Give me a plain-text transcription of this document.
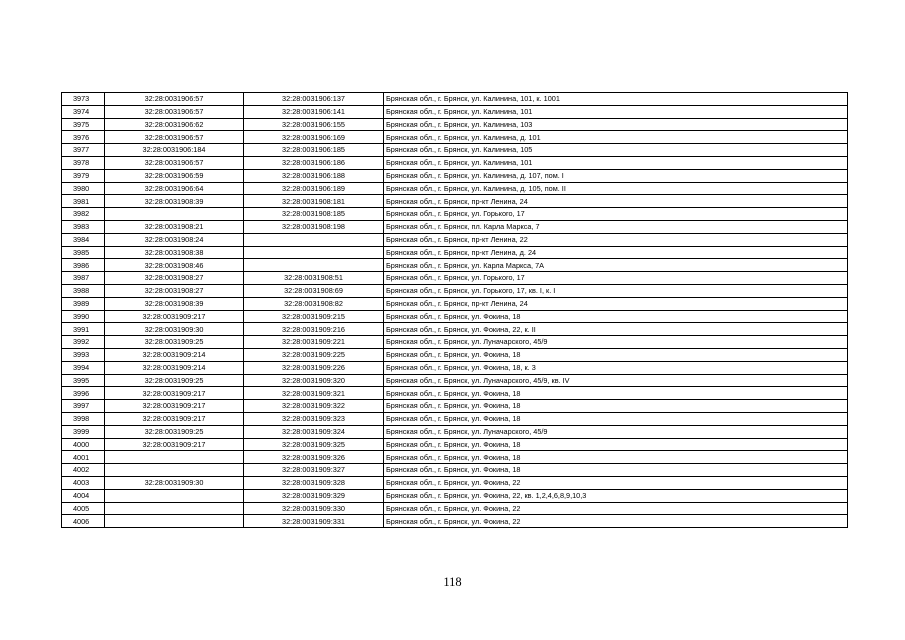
3973	32:28:0031906:57	32:28:0031906:137	Брянская обл., г. Брянск, ул. Калинина, 101, к. 1001
3974	32:28:0031906:57	32:28:0031906:141	Брянская обл., г. Брянск, ул. Калинина, 101
3975	32:28:0031906:62	32:28:0031906:155	Брянская обл., г. Брянск, ул. Калинина, 103
3976	32:28:0031906:57	32:28:0031906:169	Брянская обл., г. Брянск, ул. Калинина, д. 101
3977	32:28:0031906:184	32:28:0031906:185	Брянская обл., г. Брянск, ул. Калинина, 105
3978	32:28:0031906:57	32:28:0031906:186	Брянская обл., г. Брянск, ул. Калинина, 101
3979	32:28:0031906:59	32:28:0031906:188	Брянская обл., г. Брянск, ул. Калинина, д. 107, пом. I
3980	32:28:0031906:64	32:28:0031906:189	Брянская обл., г. Брянск, ул. Калинина, д. 105, пом. II
3981	32:28:0031908:39	32:28:0031908:181	Брянская обл., г. Брянск, пр-кт Ленина, 24
3982		32:28:0031908:185	Брянская обл., г. Брянск, ул. Горького, 17
3983	32:28:0031908:21	32:28:0031908:198	Брянская обл., г. Брянск, пл. Карла Маркса, 7
3984	32:28:0031908:24		Брянская обл., г. Брянск, пр-кт Ленина, 22
3985	32:28:0031908:38		Брянская обл., г. Брянск, пр-кт Ленина, д. 24
3986	32:28:0031908:46		Брянская обл., г. Брянск, ул. Карла Маркса, 7А
3987	32:28:0031908:27	32:28:0031908:51	Брянская обл., г. Брянск, ул. Горького, 17
3988	32:28:0031908:27	32:28:0031908:69	Брянская обл., г. Брянск, ул. Горького, 17, кв. I, к. I
3989	32:28:0031908:39	32:28:0031908:82	Брянская обл., г. Брянск, пр-кт Ленина, 24
3990	32:28:0031909:217	32:28:0031909:215	Брянская обл., г. Брянск, ул. Фокина, 18
3991	32:28:0031909:30	32:28:0031909:216	Брянская обл., г. Брянск, ул. Фокина, 22, к. II
3992	32:28:0031909:25	32:28:0031909:221	Брянская обл., г. Брянск, ул. Луначарского, 45/9
3993	32:28:0031909:214	32:28:0031909:225	Брянская обл., г. Брянск, ул. Фокина, 18
3994	32:28:0031909:214	32:28:0031909:226	Брянская обл., г. Брянск, ул. Фокина, 18, к. 3
3995	32:28:0031909:25	32:28:0031909:320	Брянская обл., г. Брянск, ул. Луначарского, 45/9, кв. IV
3996	32:28:0031909:217	32:28:0031909:321	Брянская обл., г. Брянск, ул. Фокина, 18
3997	32:28:0031909:217	32:28:0031909:322	Брянская обл., г. Брянск, ул. Фокина, 18
3998	32:28:0031909:217	32:28:0031909:323	Брянская обл., г. Брянск, ул. Фокина, 18
3999	32:28:0031909:25	32:28:0031909:324	Брянская обл., г. Брянск, ул. Луначарского, 45/9
4000	32:28:0031909:217	32:28:0031909:325	Брянская обл., г. Брянск, ул. Фокина, 18
4001		32:28:0031909:326	Брянская обл., г. Брянск, ул. Фокина, 18
4002		32:28:0031909:327	Брянская обл., г. Брянск, ул. Фокина, 18
4003	32:28:0031909:30	32:28:0031909:328	Брянская обл., г. Брянск, ул. Фокина, 22
4004		32:28:0031909:329	Брянская обл., г. Брянск, ул. Фокина, 22, кв. 1,2,4,6,8,9,10,3
4005		32:28:0031909:330	Брянская обл., г. Брянск, ул. Фокина, 22
4006		32:28:0031909:331	Брянская обл., г. Брянск, ул. Фокина, 22
118
